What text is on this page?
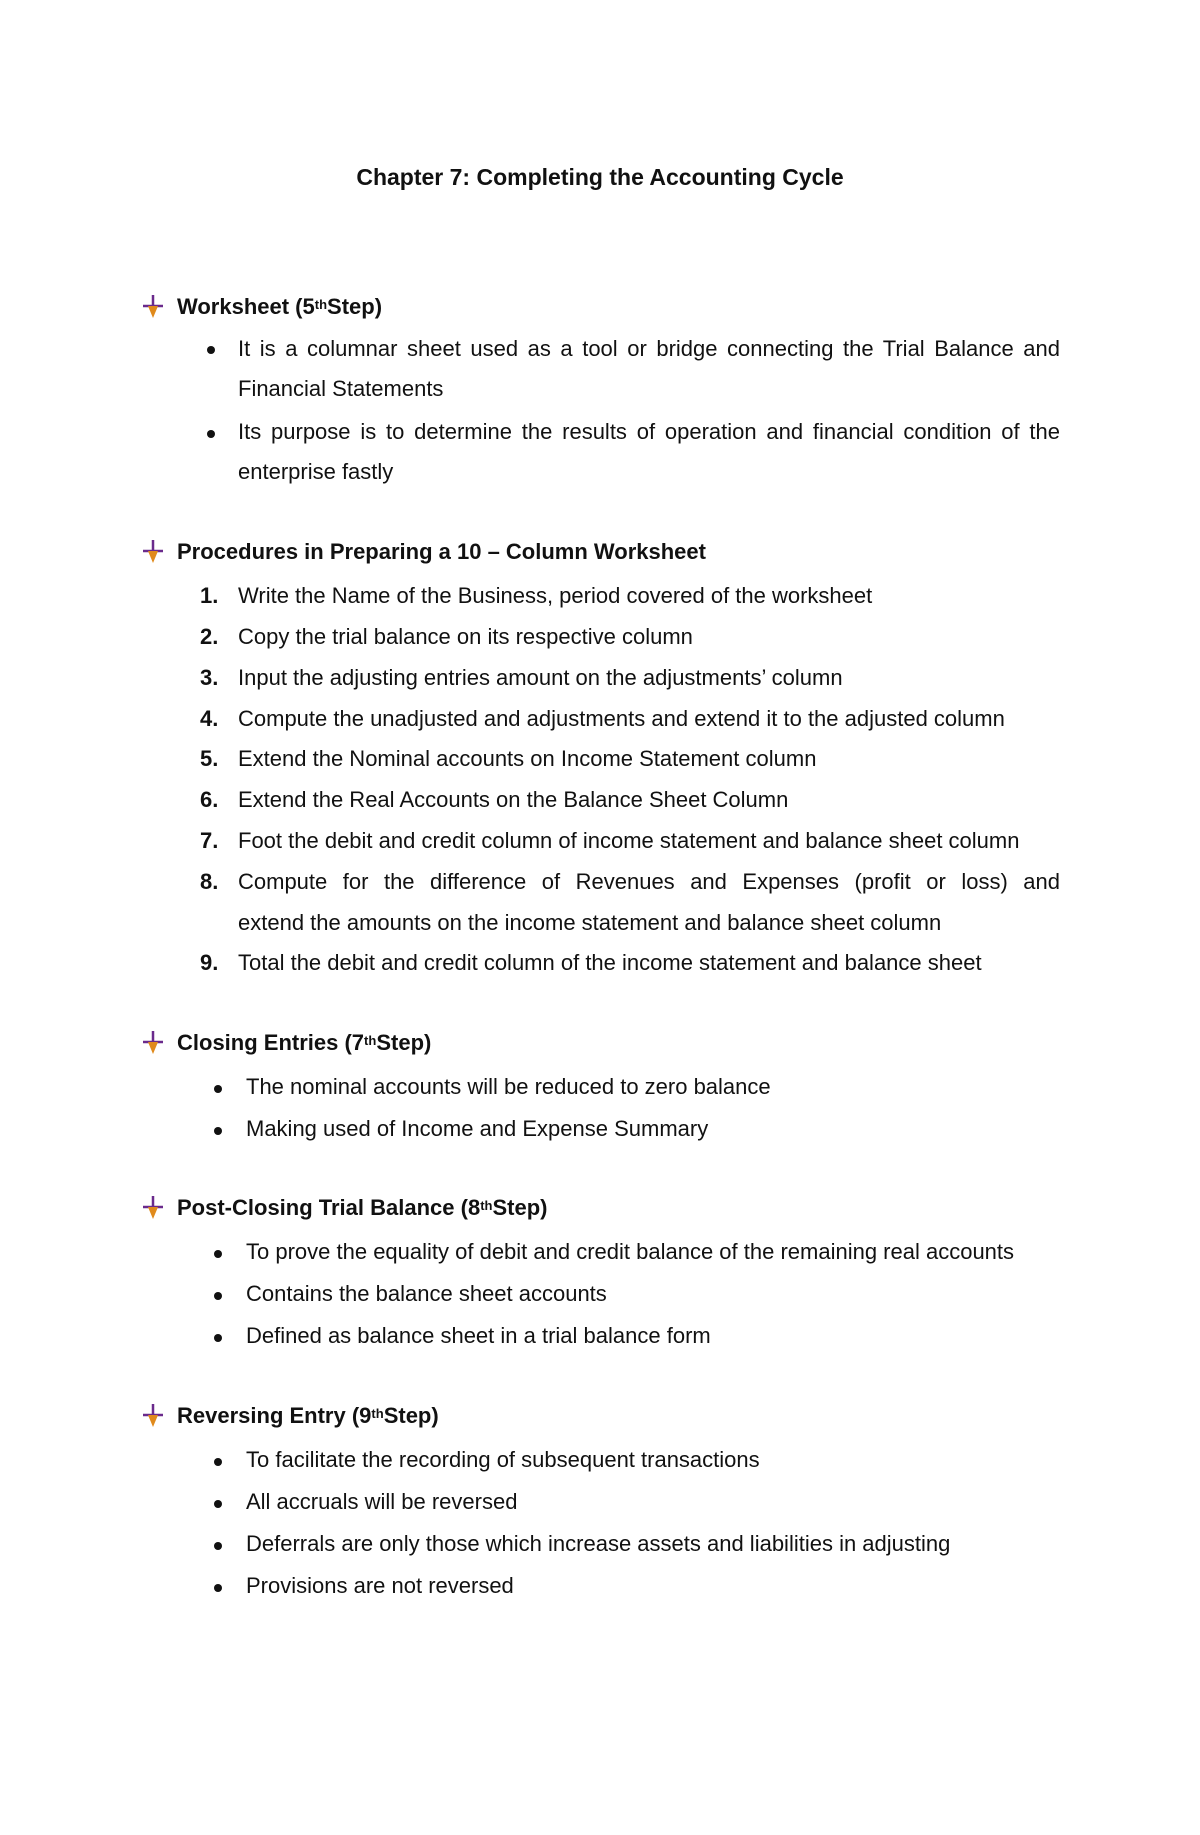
Chapter 7: Completing the Accounting Cycle
Worksheet (5th Step)
It is a columnar sheet used as a tool or bridge connecting the Trial Balance and
Financial Statements
Its purpose is to determine the results of operation and financial condition of the
enterprise fastly
Procedures in Preparing a 10 – Column Worksheet
1. Write the Name of the Business, period covered of the worksheet
2. Copy the trial balance on its respective column
3. Input the adjusting entries amount on the adjustments’ column
4. Compute the unadjusted and adjustments and extend it to the adjusted column
5. Extend the Nominal accounts on Income Statement column
6. Extend the Real Accounts on the Balance Sheet Column
7. Foot the debit and credit column of income statement and balance sheet column
8. Compute for the difference of Revenues and Expenses (profit or loss) and
extend the amounts on the income statement and balance sheet column
9. Total the debit and credit column of the income statement and balance sheet
Closing Entries (7th Step)
The nominal accounts will be reduced to zero balance
Making used of Income and Expense Summary
Post-Closing Trial Balance (8th Step)
To prove the equality of debit and credit balance of the remaining real accounts
Contains the balance sheet accounts
Defined as balance sheet in a trial balance form
Reversing Entry (9th Step)
To facilitate the recording of subsequent transactions
All accruals will be reversed
Deferrals are only those which increase assets and liabilities in adjusting
Provisions are not reversed
